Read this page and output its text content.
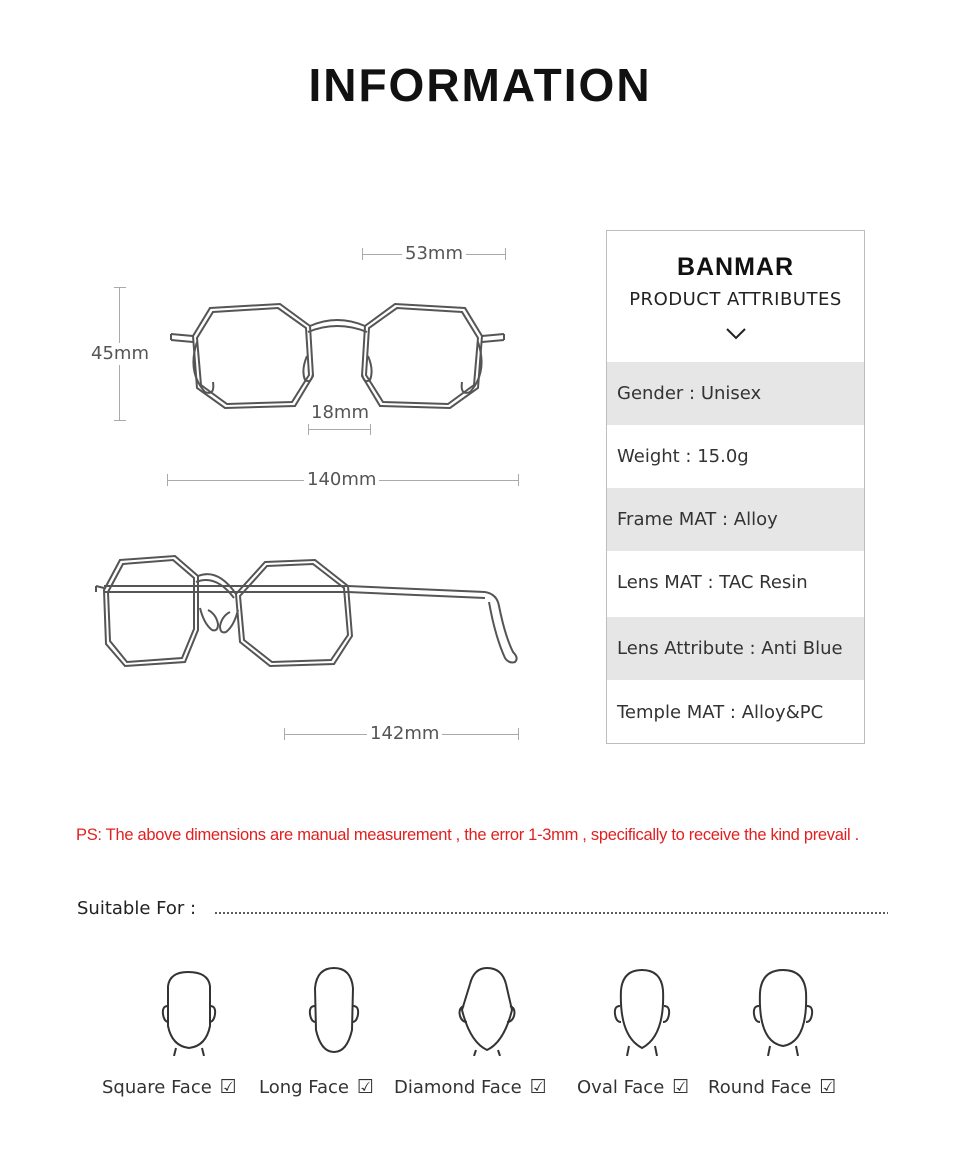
INFORMATION
53mm
45mm
18mm
140mm
142mm
BANMAR
PRODUCT ATTRIBUTES
Gender : Unisex
Weight : 15.0g
Frame MAT : Alloy
Lens MAT : TAC Resin
Lens Attribute : Anti Blue
Temple MAT : Alloy&PC
PS: The above dimensions are manual measurement , the error 1-3mm , specifically to receive the kind prevail .
Suitable For :
Square Face ☑ Long Face ☑ Diamond Face ☑ Oval Face ☑ Round Face ☑
